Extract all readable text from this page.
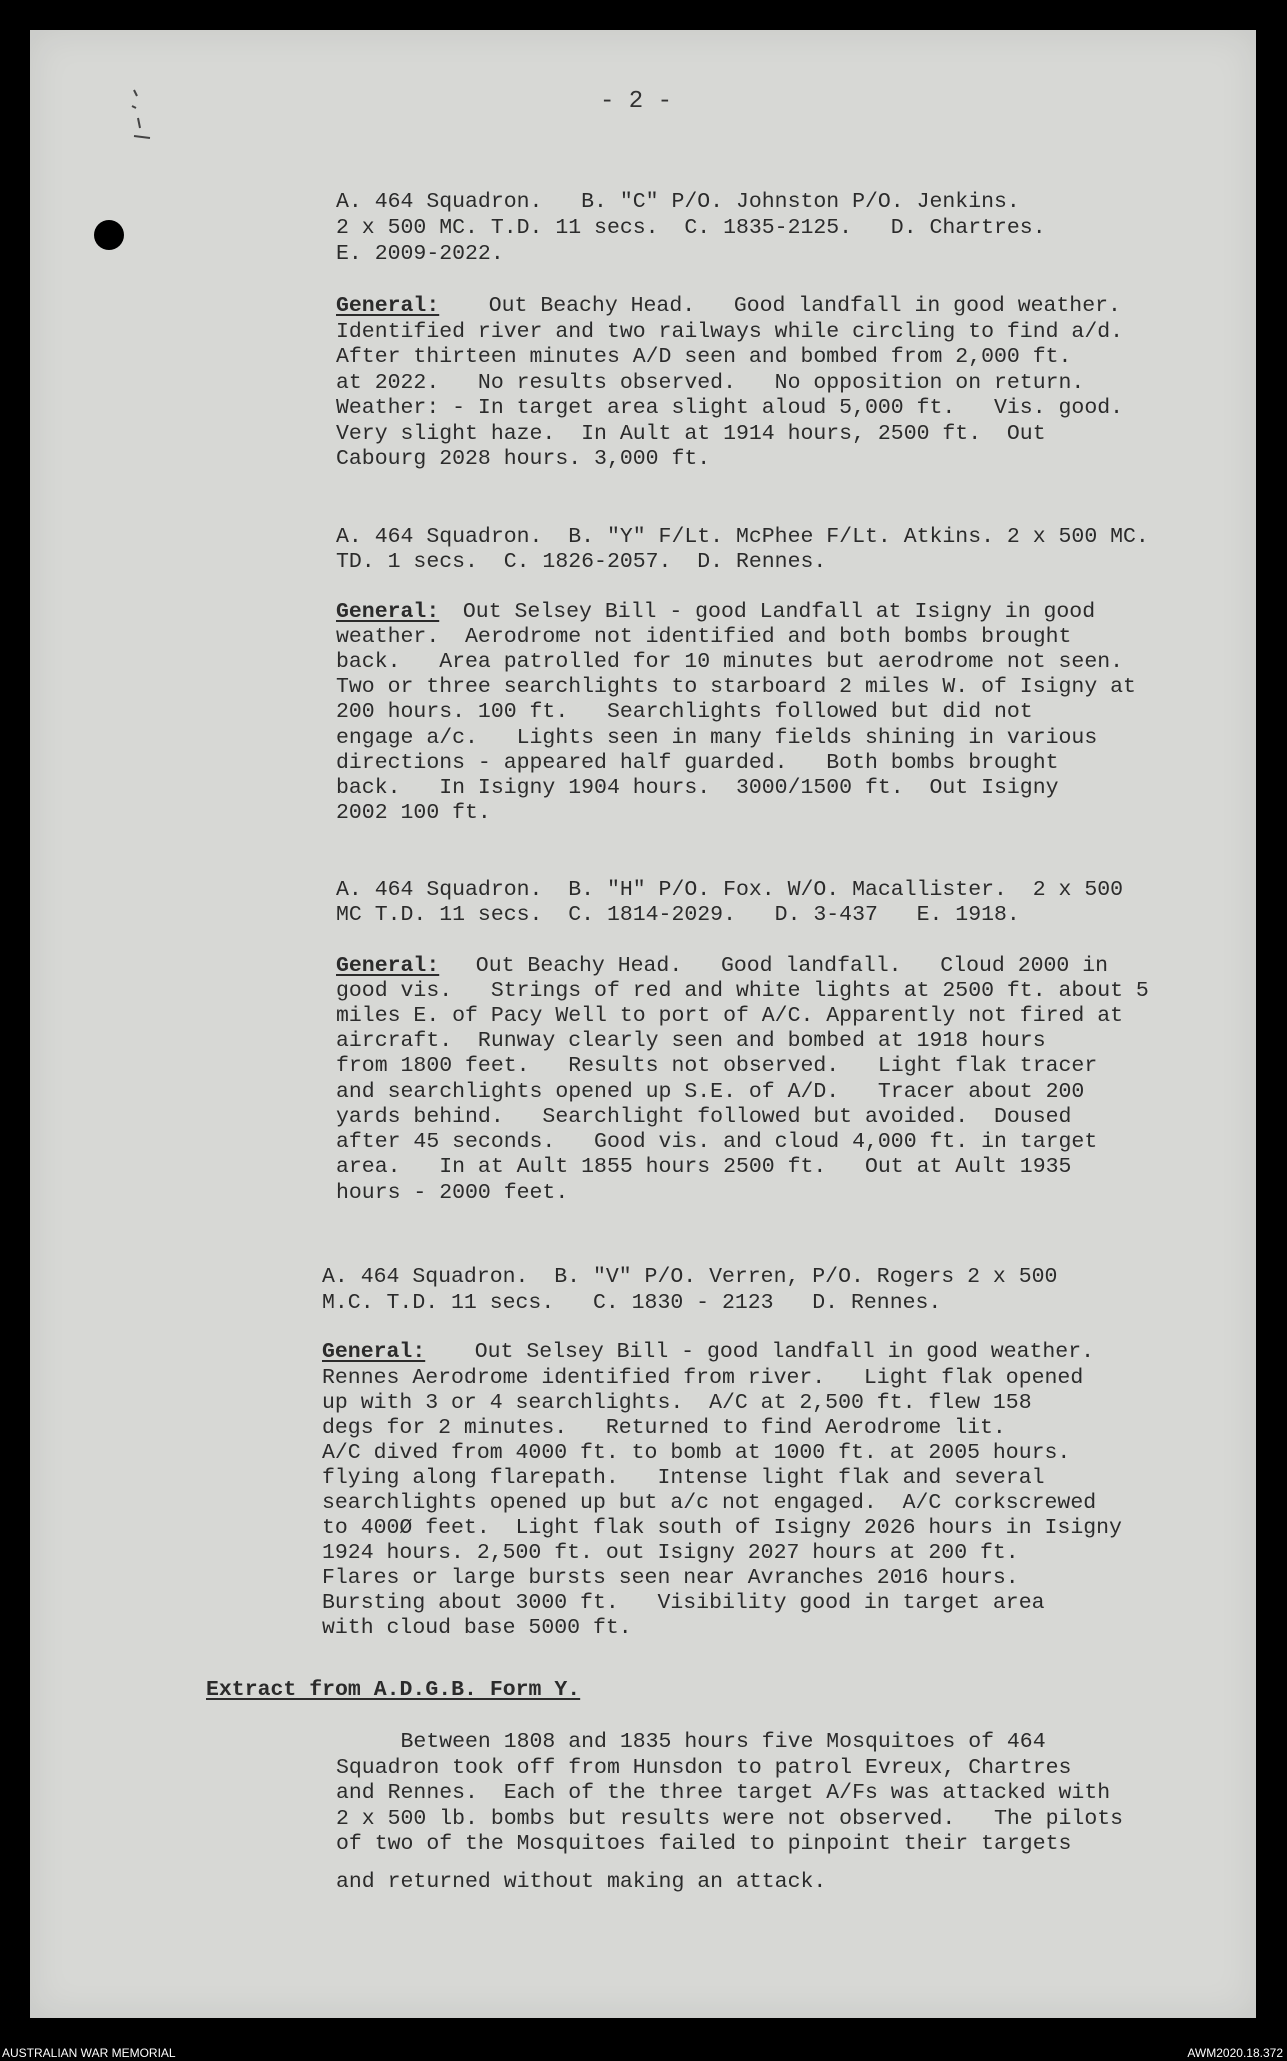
- 2 -

A. 464 Squadron.   B. "C" P/O. Johnston P/O. Jenkins.

2 x 500 MC. T.D. 11 secs.  C. 1835-2125.   D. Chartres.

E. 2009-2022.

General: Out Beachy Head.   Good landfall in good weather.

Identified river and two railways while circling to find a/d.

After thirteen minutes A/D seen and bombed from 2,000 ft.

at 2022.   No results observed.   No opposition on return.

Weather: - In target area slight aloud 5,000 ft.   Vis. good.

Very slight haze.  In Ault at 1914 hours, 2500 ft.  Out

Cabourg 2028 hours. 3,000 ft.

A. 464 Squadron.  B. "Y" F/Lt. McPhee F/Lt. Atkins. 2 x 500 MC.

TD. 1 secs.  C. 1826-2057.  D. Rennes.

General: Out Selsey Bill - good Landfall at Isigny in good

weather.  Aerodrome not identified and both bombs brought

back.   Area patrolled for 10 minutes but aerodrome not seen.

Two or three searchlights to starboard 2 miles W. of Isigny at

200 hours. 100 ft.   Searchlights followed but did not

engage a/c.   Lights seen in many fields shining in various

directions - appeared half guarded.   Both bombs brought

back.   In Isigny 1904 hours.  3000/1500 ft.  Out Isigny

2002 100 ft.

A. 464 Squadron.  B. "H" P/O. Fox. W/O. Macallister.  2 x 500

MC T.D. 11 secs.  C. 1814-2029.   D. 3-437   E. 1918.

General: Out Beachy Head.   Good landfall.   Cloud 2000 in

good vis.   Strings of red and white lights at 2500 ft. about 5

miles E. of Pacy Well to port of A/C. Apparently not fired at

aircraft.  Runway clearly seen and bombed at 1918 hours

from 1800 feet.   Results not observed.   Light flak tracer

and searchlights opened up S.E. of A/D.   Tracer about 200

yards behind.   Searchlight followed but avoided.  Doused

after 45 seconds.   Good vis. and cloud 4,000 ft. in target

area.   In at Ault 1855 hours 2500 ft.   Out at Ault 1935

hours - 2000 feet.

A. 464 Squadron.  B. "V" P/O. Verren, P/O. Rogers 2 x 500

M.C. T.D. 11 secs.   C. 1830 - 2123   D. Rennes.

General: Out Selsey Bill - good landfall in good weather.

Rennes Aerodrome identified from river.   Light flak opened

up with 3 or 4 searchlights.  A/C at 2,500 ft. flew 158

degs for 2 minutes.   Returned to find Aerodrome lit.

A/C dived from 4000 ft. to bomb at 1000 ft. at 2005 hours.

flying along flarepath.   Intense light flak and several

searchlights opened up but a/c not engaged.  A/C corkscrewed

to 400Ø feet.  Light flak south of Isigny 2026 hours in Isigny

1924 hours. 2,500 ft. out Isigny 2027 hours at 200 ft.

Flares or large bursts seen near Avranches 2016 hours.

Bursting about 3000 ft.   Visibility good in target area

with cloud base 5000 ft.

Extract from A.D.G.B. Form Y.

Between 1808 and 1835 hours five Mosquitoes of 464

Squadron took off from Hunsdon to patrol Evreux, Chartres

and Rennes.  Each of the three target A/Fs was attacked with

2 x 500 lb. bombs but results were not observed.   The pilots

of two of the Mosquitoes failed to pinpoint their targets

and returned without making an attack.

AUSTRALIAN WAR MEMORIAL	AWM2020.18.372
